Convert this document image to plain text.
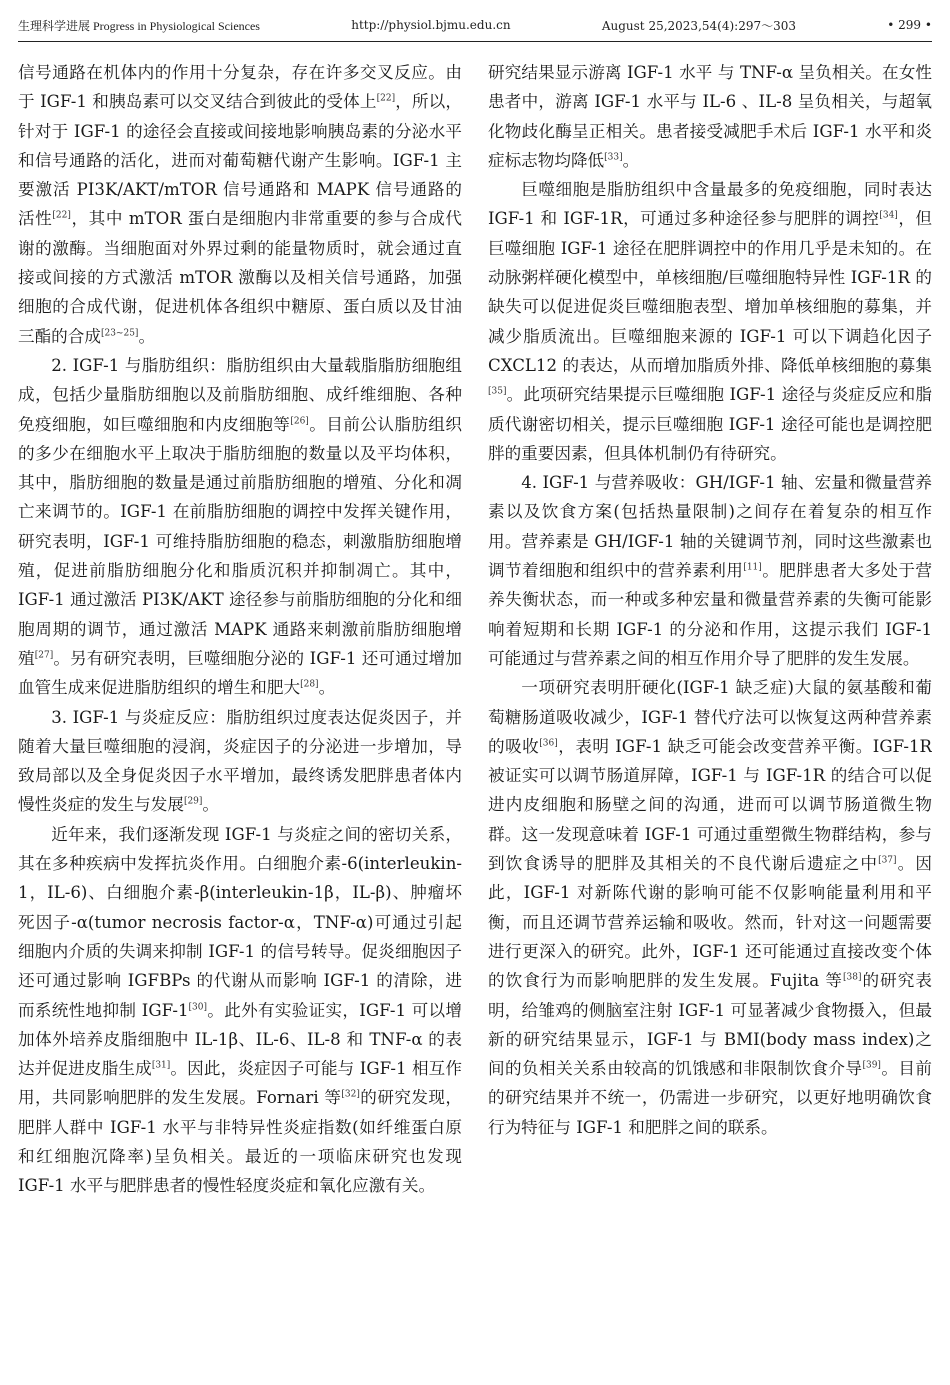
生理科学进展 Progress in Physiological Sciences	http://physiol.bjmu.edu.cn	August 25,2023,54(4):297～303	• 299 •

信号通路在机体内的作用十分复杂，存在许多交叉反应。由于 IGF-1 和胰岛素可以交叉结合到彼此的受体上[22]，所以，针对于 IGF-1 的途径会直接或间接地影响胰岛素的分泌水平和信号通路的活化，进而对葡萄糖代谢产生影响。IGF-1 主要激活 PI3K/AKT/mTOR 信号通路和 MAPK 信号通路的活性[22]，其中 mTOR 蛋白是细胞内非常重要的参与合成代谢的激酶。当细胞面对外界过剩的能量物质时，就会通过直接或间接的方式激活 mTOR 激酶以及相关信号通路，加强细胞的合成代谢，促进机体各组织中糖原、蛋白质以及甘油三酯的合成[23~25]。

2. IGF-1 与脂肪组织：脂肪组织由大量载脂脂肪细胞组成，包括少量脂肪细胞以及前脂肪细胞、成纤维细胞、各种免疫细胞，如巨噬细胞和内皮细胞等[26]。目前公认脂肪组织的多少在细胞水平上取决于脂肪细胞的数量以及平均体积，其中，脂肪细胞的数量是通过前脂肪细胞的增殖、分化和凋亡来调节的。IGF-1 在前脂肪细胞的调控中发挥关键作用，研究表明，IGF-1 可维持脂肪细胞的稳态，刺激脂肪细胞增殖，促进前脂肪细胞分化和脂质沉积并抑制凋亡。其中，IGF-1 通过激活 PI3K/AKT 途径参与前脂肪细胞的分化和细胞周期的调节，通过激活 MAPK 通路来刺激前脂肪细胞增殖[27]。另有研究表明，巨噬细胞分泌的 IGF-1 还可通过增加血管生成来促进脂肪组织的增生和肥大[28]。

3. IGF-1 与炎症反应：脂肪组织过度表达促炎因子，并随着大量巨噬细胞的浸润，炎症因子的分泌进一步增加，导致局部以及全身促炎因子水平增加，最终诱发肥胖患者体内慢性炎症的发生与发展[29]。

近年来，我们逐渐发现 IGF-1 与炎症之间的密切关系，其在多种疾病中发挥抗炎作用。白细胞介素-6(interleukin-1，IL-6)、白细胞介素-β(interleukin-1β，IL-β)、肿瘤坏死因子-α(tumor necrosis factor-α，TNF-α)可通过引起细胞内介质的失调来抑制 IGF-1 的信号转导。促炎细胞因子还可通过影响 IGFBPs 的代谢从而影响 IGF-1 的清除，进而系统性地抑制 IGF-1[30]。此外有实验证实，IGF-1 可以增加体外培养皮脂细胞中 IL-1β、IL-6、IL-8 和 TNF-α 的表达并促进皮脂生成[31]。因此，炎症因子可能与 IGF-1 相互作用，共同影响肥胖的发生发展。Fornari 等[32]的研究发现，肥胖人群中 IGF-1 水平与非特异性炎症指数(如纤维蛋白原和红细胞沉降率)呈负相关。最近的一项临床研究也发现 IGF-1 水平与肥胖患者的慢性轻度炎症和氧化应激有关。

研究结果显示游离 IGF-1 水平 与 TNF-α 呈负相关。在女性患者中，游离 IGF-1 水平与 IL-6 、IL-8 呈负相关，与超氧化物歧化酶呈正相关。患者接受减肥手术后 IGF-1 水平和炎症标志物均降低[33]。

巨噬细胞是脂肪组织中含量最多的免疫细胞，同时表达 IGF-1 和 IGF-1R，可通过多种途径参与肥胖的调控[34]，但巨噬细胞 IGF-1 途径在肥胖调控中的作用几乎是未知的。在动脉粥样硬化模型中，单核细胞/巨噬细胞特异性 IGF-1R 的缺失可以促进促炎巨噬细胞表型、增加单核细胞的募集，并减少脂质流出。巨噬细胞来源的 IGF-1 可以下调趋化因子 CXCL12 的表达，从而增加脂质外排、降低单核细胞的募集[35]。此项研究结果提示巨噬细胞 IGF-1 途径与炎症反应和脂质代谢密切相关，提示巨噬细胞 IGF-1 途径可能也是调控肥胖的重要因素，但具体机制仍有待研究。

4. IGF-1 与营养吸收：GH/IGF-1 轴、宏量和微量营养素以及饮食方案(包括热量限制)之间存在着复杂的相互作用。营养素是 GH/IGF-1 轴的关键调节剂，同时这些激素也调节着细胞和组织中的营养素利用[11]。肥胖患者大多处于营养失衡状态，而一种或多种宏量和微量营养素的失衡可能影响着短期和长期 IGF-1 的分泌和作用，这提示我们 IGF-1 可能通过与营养素之间的相互作用介导了肥胖的发生发展。

一项研究表明肝硬化(IGF-1 缺乏症)大鼠的氨基酸和葡萄糖肠道吸收减少，IGF-1 替代疗法可以恢复这两种营养素的吸收[36]，表明 IGF-1 缺乏可能会改变营养平衡。IGF-1R 被证实可以调节肠道屏障，IGF-1 与 IGF-1R 的结合可以促进内皮细胞和肠壁之间的沟通，进而可以调节肠道微生物群。这一发现意味着 IGF-1 可通过重塑微生物群结构，参与到饮食诱导的肥胖及其相关的不良代谢后遗症之中[37]。因此，IGF-1 对新陈代谢的影响可能不仅影响能量利用和平衡，而且还调节营养运输和吸收。然而，针对这一问题需要进行更深入的研究。此外，IGF-1 还可能通过直接改变个体的饮食行为而影响肥胖的发生发展。Fujita 等[38]的研究表明，给雏鸡的侧脑室注射 IGF-1 可显著减少食物摄入，但最新的研究结果显示，IGF-1 与 BMI(body mass index)之间的负相关关系由较高的饥饿感和非限制饮食介导[39]。目前的研究结果并不统一，仍需进一步研究，以更好地明确饮食行为特征与 IGF-1 和肥胖之间的联系。
